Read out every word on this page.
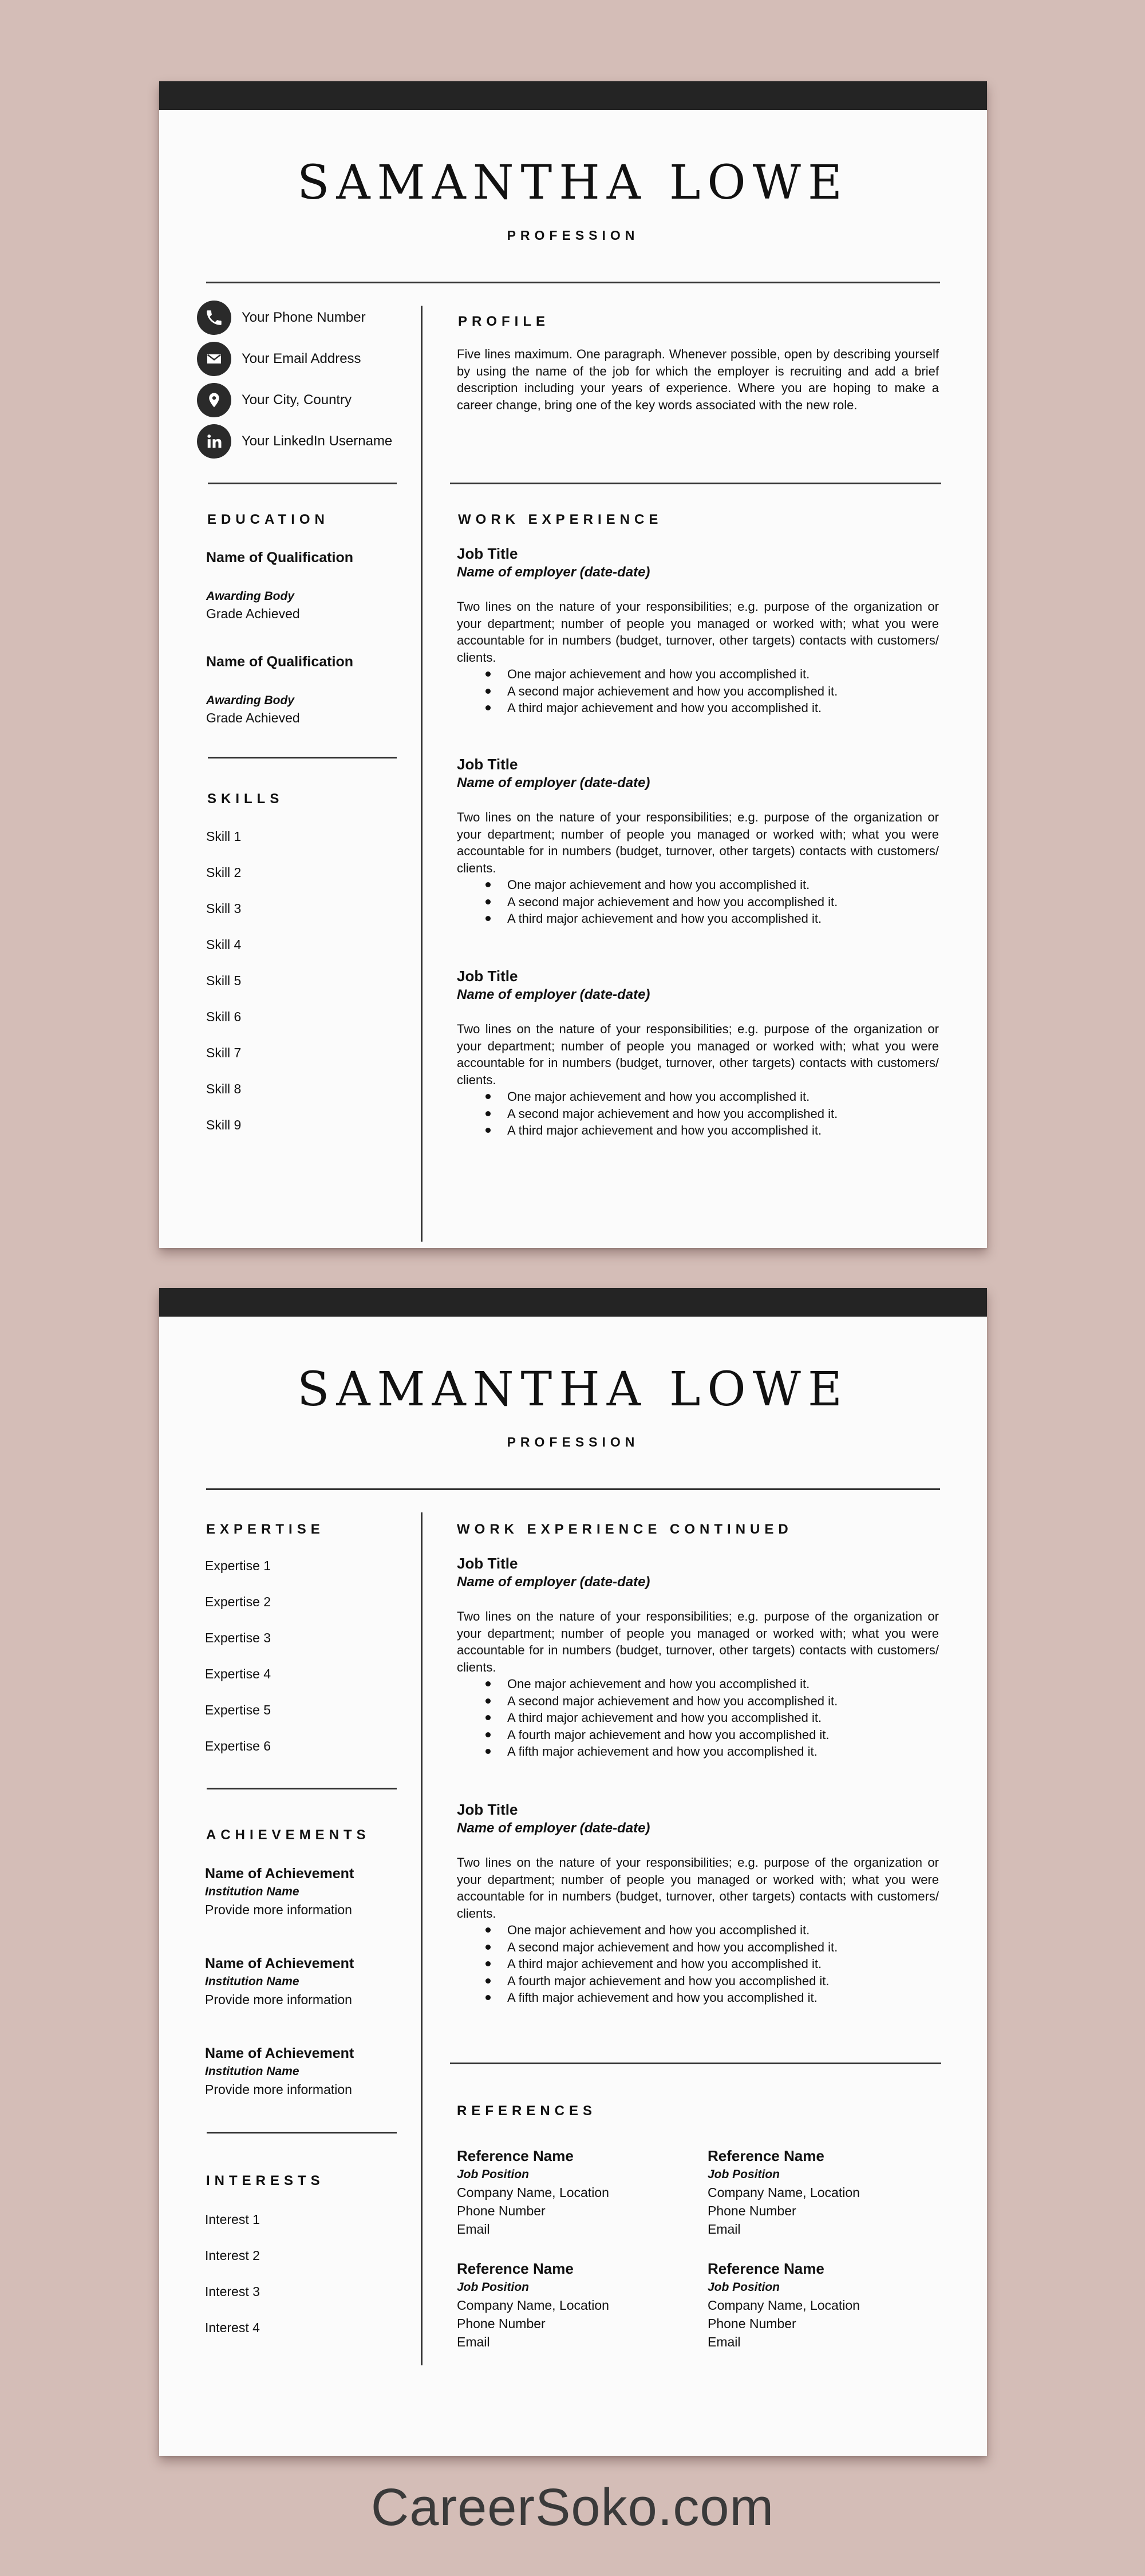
SAMANTHA LOWE
PROFESSION
Your Phone Number
Your Email Address
Your City, Country
Your LinkedIn Username
EDUCATION
Name of Qualification
Awarding Body
Grade Achieved
Name of Qualification
Awarding Body
Grade Achieved
SKILLS
Skill 1
Skill 2
Skill 3
Skill 4
Skill 5
Skill 6
Skill 7
Skill 8
Skill 9
PROFILE
Five lines maximum. One paragraph. Whenever possible, open by describing yourself by using the name of the job for which the employer is recruiting and add a brief description including your years of experience. Where you are hoping to make a career change, bring one of the key words associated with the new role.
WORK EXPERIENCE
Job Title
Name of employer (date-date)
Two lines on the nature of your responsibilities; e.g. purpose of the organization or your department; number of people you managed or worked with; what you were accountable for in numbers (budget, turnover, other targets) contacts with customers/ clients.
One major achievement and how you accomplished it.
A second major achievement and how you accomplished it.
A third major achievement and how you accomplished it.
Job Title
Name of employer (date-date)
Two lines on the nature of your responsibilities; e.g. purpose of the organization or your department; number of people you managed or worked with; what you were accountable for in numbers (budget, turnover, other targets) contacts with customers/ clients.
One major achievement and how you accomplished it.
A second major achievement and how you accomplished it.
A third major achievement and how you accomplished it.
Job Title
Name of employer (date-date)
Two lines on the nature of your responsibilities; e.g. purpose of the organization or your department; number of people you managed or worked with; what you were accountable for in numbers (budget, turnover, other targets) contacts with customers/ clients.
One major achievement and how you accomplished it.
A second major achievement and how you accomplished it.
A third major achievement and how you accomplished it.
SAMANTHA LOWE
PROFESSION
EXPERTISE
Expertise 1
Expertise 2
Expertise 3
Expertise 4
Expertise 5
Expertise 6
ACHIEVEMENTS
Name of Achievement
Institution Name
Provide more information
Name of Achievement
Institution Name
Provide more information
Name of Achievement
Institution Name
Provide more information
INTERESTS
Interest 1
Interest 2
Interest 3
Interest 4
WORK EXPERIENCE CONTINUED
Job Title
Name of employer (date-date)
Two lines on the nature of your responsibilities; e.g. purpose of the organization or your department; number of people you managed or worked with; what you were accountable for in numbers (budget, turnover, other targets) contacts with customers/ clients.
One major achievement and how you accomplished it.
A second major achievement and how you accomplished it.
A third major achievement and how you accomplished it.
A fourth major achievement and how you accomplished it.
A fifth major achievement and how you accomplished it.
Job Title
Name of employer (date-date)
Two lines on the nature of your responsibilities; e.g. purpose of the organization or your department; number of people you managed or worked with; what you were accountable for in numbers (budget, turnover, other targets) contacts with customers/ clients.
One major achievement and how you accomplished it.
A second major achievement and how you accomplished it.
A third major achievement and how you accomplished it.
A fourth major achievement and how you accomplished it.
A fifth major achievement and how you accomplished it.
REFERENCES
Reference Name
Job Position
Company Name, Location
Phone Number
Email
Reference Name
Job Position
Company Name, Location
Phone Number
Email
Reference Name
Job Position
Company Name, Location
Phone Number
Email
Reference Name
Job Position
Company Name, Location
Phone Number
Email
CareerSoko.com
